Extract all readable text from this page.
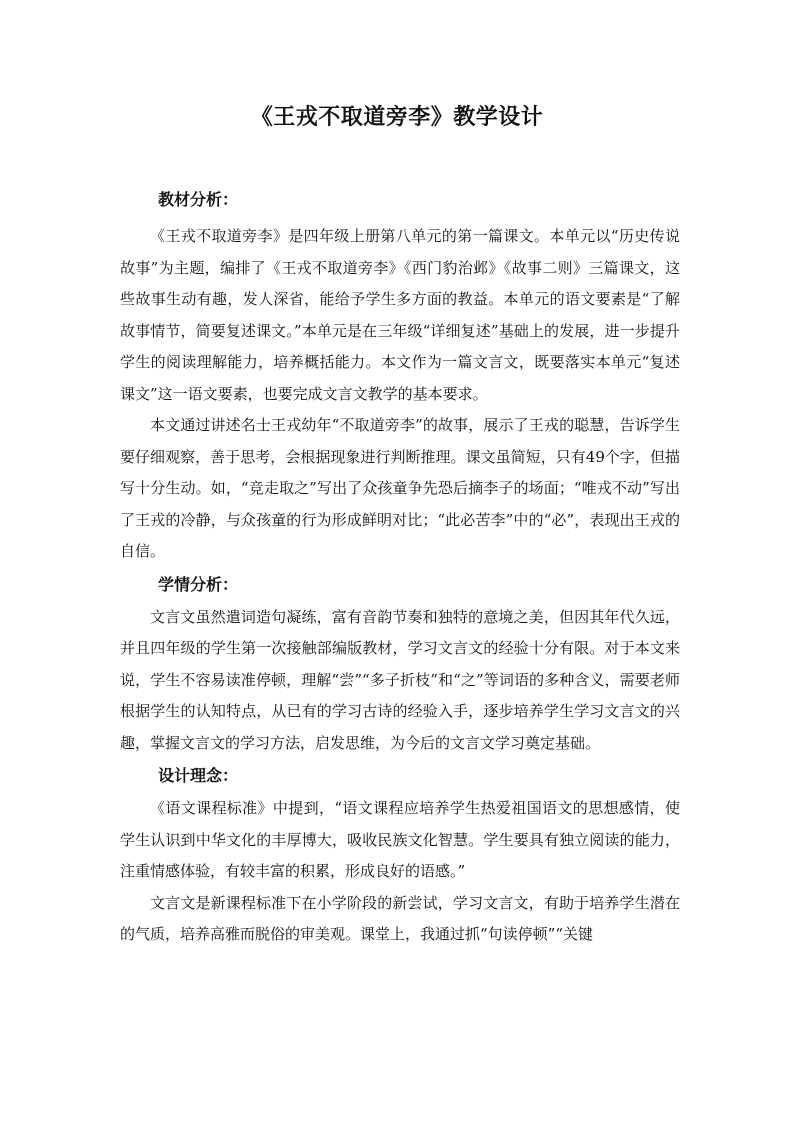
《王戎不取道旁李》教学设计

教材分析：

《王戎不取道旁李》是四年级上册第八单元的第一篇课文。本单元以“历史传说故事”为主题，编排了《王戎不取道旁李》《西门豹治邺》《故事二则》三篇课文，这些故事生动有趣，发人深省，能给予学生多方面的教益。本单元的语文要素是“了解故事情节，简要复述课文。”本单元是在三年级“详细复述”基础上的发展，进一步提升学生的阅读理解能力，培养概括能力。本文作为一篇文言文，既要落实本单元“复述课文”这一语文要素，也要完成文言文教学的基本要求。

本文通过讲述名士王戎幼年“不取道旁李”的故事，展示了王戎的聪慧，告诉学生要仔细观察，善于思考，会根据现象进行判断推理。课文虽简短，只有49个字，但描写十分生动。如，“竞走取之”写出了众孩童争先恐后摘李子的场面；“唯戎不动”写出了王戎的冷静，与众孩童的行为形成鲜明对比；“此必苦李”中的“必”，表现出王戎的自信。

学情分析：

文言文虽然遣词造句凝练，富有音韵节奏和独特的意境之美，但因其年代久远，并且四年级的学生第一次接触部编版教材，学习文言文的经验十分有限。对于本文来说，学生不容易读准停顿，理解“尝”“多子折枝”和“之”等词语的多种含义，需要老师根据学生的认知特点，从已有的学习古诗的经验入手，逐步培养学生学习文言文的兴趣，掌握文言文的学习方法，启发思维，为今后的文言文学习奠定基础。

设计理念：

《语文课程标准》中提到，“语文课程应培养学生热爱祖国语文的思想感情，使学生认识到中华文化的丰厚博大，吸收民族文化智慧。学生要具有独立阅读的能力，注重情感体验，有较丰富的积累，形成良好的语感。”

文言文是新课程标准下在小学阶段的新尝试，学习文言文，有助于培养学生潜在的气质，培养高雅而脱俗的审美观。课堂上，我通过抓“句读停顿”“关键
